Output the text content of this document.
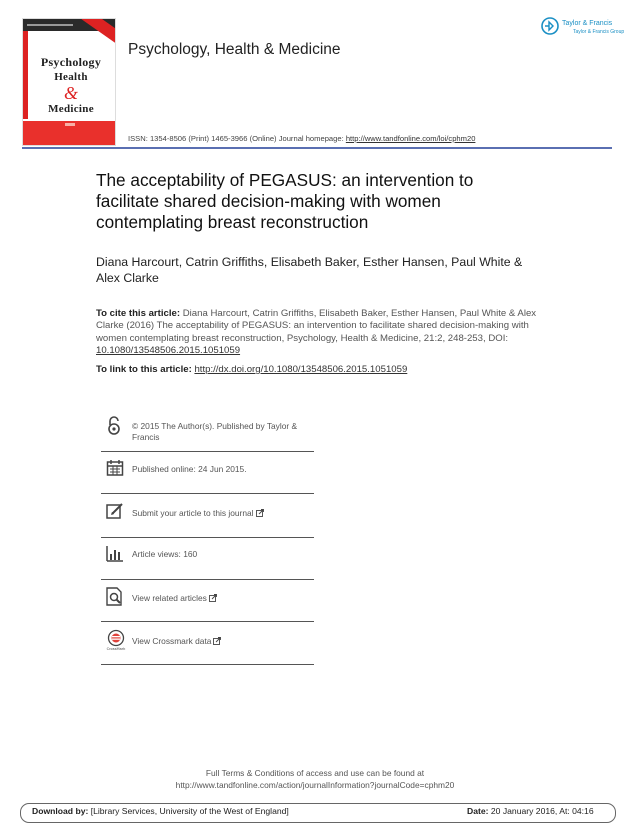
Psychology
Health
&
Medicine
Psychology, Health & Medicine
ISSN: 1354-8506 (Print) 1465-3966 (Online) Journal homepage: http://www.tandfonline.com/loi/cphm20
Taylor & Francis
Taylor & Francis Group
The acceptability of PEGASUS: an intervention to facilitate shared decision-making with women contemplating breast reconstruction
Diana Harcourt, Catrin Griffiths, Elisabeth Baker, Esther Hansen, Paul White & Alex Clarke
To cite this article: Diana Harcourt, Catrin Griffiths, Elisabeth Baker, Esther Hansen, Paul White & Alex Clarke (2016) The acceptability of PEGASUS: an intervention to facilitate shared decision-making with women contemplating breast reconstruction, Psychology, Health & Medicine, 21:2, 248-253, DOI: 10.1080/13548506.2015.1051059
To link to this article: http://dx.doi.org/10.1080/13548506.2015.1051059
© 2015 The Author(s). Published by Taylor & Francis
Published online: 24 Jun 2015.
Submit your article to this journal
Article views: 160
View related articles
CrossMark
View Crossmark data
Full Terms & Conditions of access and use can be found at
http://www.tandfonline.com/action/journalInformation?journalCode=cphm20
Download by: [Library Services, University of the West of England]	Date: 20 January 2016, At: 04:16
